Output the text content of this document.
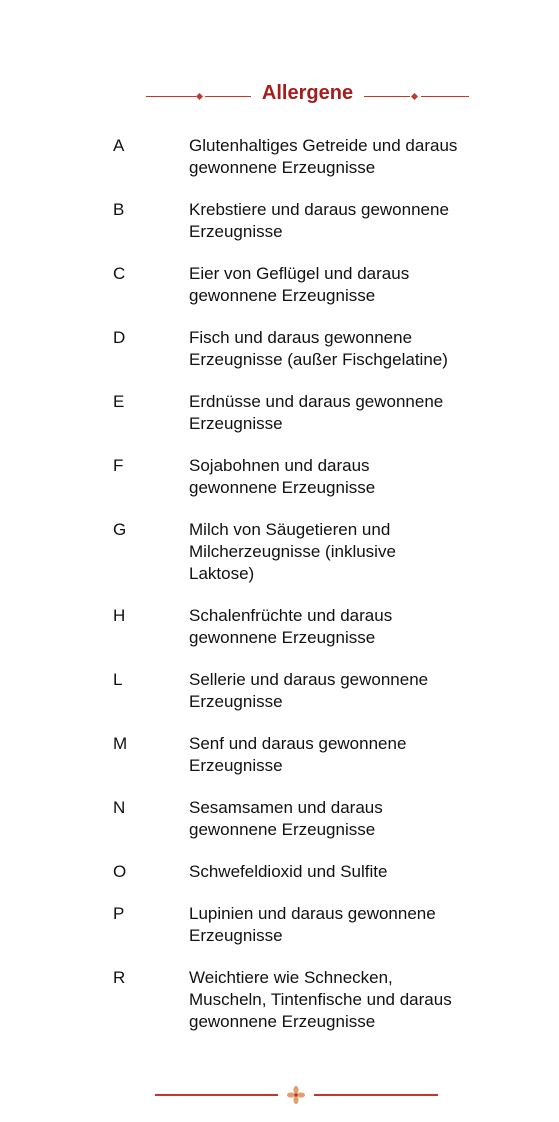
Allergene
A	Glutenhaltiges Getreide und daraus
gewonnene Erzeugnisse
B	Krebstiere und daraus gewonnene
Erzeugnisse
C	Eier von Geflügel und daraus
gewonnene Erzeugnisse
D	Fisch und daraus gewonnene
Erzeugnisse (außer Fischgelatine)
E	Erdnüsse und daraus gewonnene
Erzeugnisse
F	Sojabohnen und daraus
gewonnene Erzeugnisse
G	Milch von Säugetieren und
Milcherzeugnisse (inklusive
Laktose)
H	Schalenfrüchte und daraus
gewonnene Erzeugnisse
L	Sellerie und daraus gewonnene
Erzeugnisse
M	Senf und daraus gewonnene
Erzeugnisse
N	Sesamsamen und daraus
gewonnene Erzeugnisse
O	Schwefeldioxid und Sulfite
P	Lupinien und daraus gewonnene
Erzeugnisse
R	Weichtiere wie Schnecken,
Muscheln, Tintenfische und daraus
gewonnene Erzeugnisse
